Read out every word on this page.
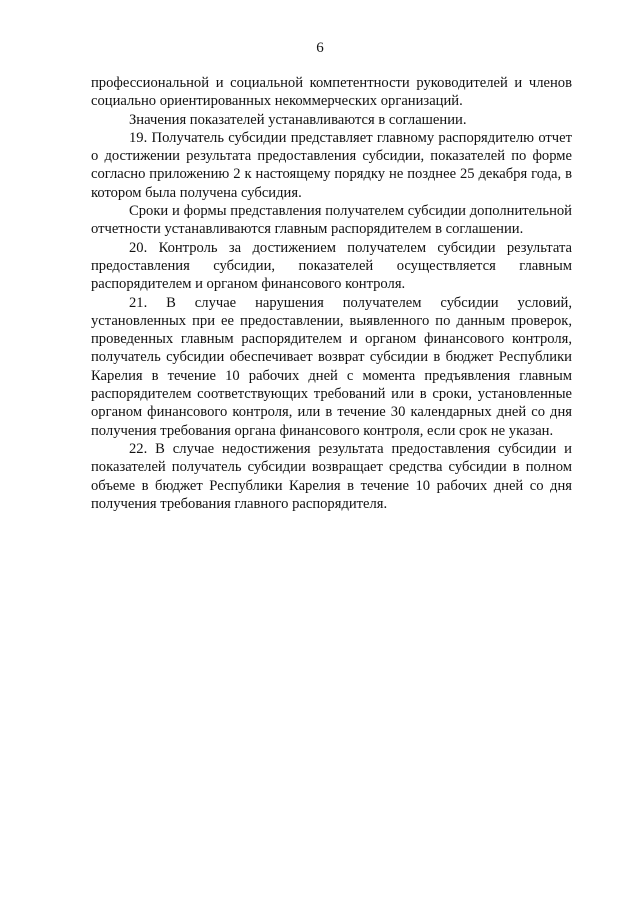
6

профессиональной и социальной компетентности руководителей и членов социально ориентированных некоммерческих организаций.

Значения показателей устанавливаются в соглашении.

19. Получатель субсидии представляет главному распорядителю отчет о достижении результата предоставления субсидии, показателей по форме согласно приложению 2 к настоящему порядку не позднее 25 декабря года, в котором была получена субсидия.

Сроки и формы представления получателем субсидии дополнительной отчетности устанавливаются главным распорядителем в соглашении.

20. Контроль за достижением получателем субсидии результата предоставления субсидии, показателей осуществляется главным распорядителем и органом финансового контроля.

21. В случае нарушения получателем субсидии условий, установленных при ее предоставлении, выявленного по данным проверок, проведенных главным распорядителем и органом финансового контроля, получатель субсидии обеспечивает возврат субсидии в бюджет Республики Карелия в течение 10 рабочих дней с момента предъявления главным распорядителем соответствующих требований или в сроки, установленные органом финансового контроля, или в течение 30 календарных дней со дня получения требования органа финансового контроля, если срок не указан.

22. В случае недостижения результата предоставления субсидии и показателей получатель субсидии возвращает средства субсидии в полном объеме в бюджет Республики Карелия в течение 10 рабочих дней со дня получения требования главного распорядителя.
